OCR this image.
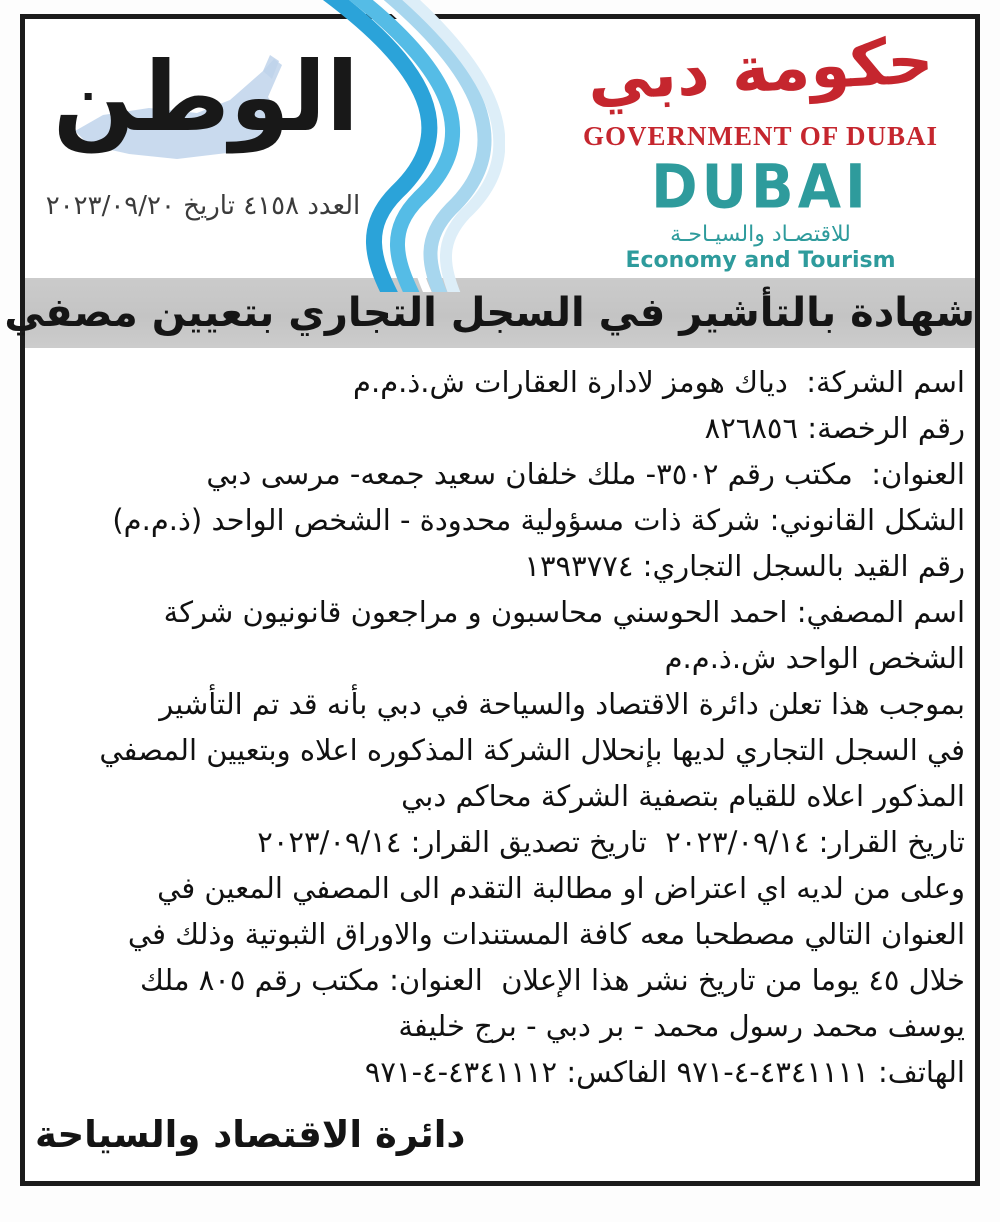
الوطن
العدد ٤١٥٨ تاريخ ٢٠٢٣/٠٩/٢٠
حكومة دبي
GOVERNMENT OF DUBAI
DUBAI
للاقتصـاد والسيـاحـة
Economy and Tourism
شهادة بالتأشير في السجل التجاري بتعيين مصفي
اسم الشركة:  دياك هومز لادارة العقارات ش.ذ.م.م
رقم الرخصة: ٨٢٦٨٥٦
العنوان:  مكتب رقم ٣٥٠٢- ملك خلفان سعيد جمعه- مرسى دبي
الشكل القانوني: شركة ذات مسؤولية محدودة - الشخص الواحد (ذ.م.م)
رقم القيد بالسجل التجاري: ١٣٩٣٧٧٤
اسم المصفي: احمد الحوسني محاسبون و مراجعون قانونيون شركة
الشخص الواحد ش.ذ.م.م
بموجب هذا تعلن دائرة الاقتصاد والسياحة في دبي بأنه قد تم التأشير
في السجل التجاري لديها بإنحلال الشركة المذكوره اعلاه وبتعيين المصفي
المذكور اعلاه للقيام بتصفية الشركة محاكم دبي
تاريخ القرار: ٢٠٢٣/٠٩/١٤  تاريخ تصديق القرار: ٢٠٢٣/٠٩/١٤
وعلى من لديه اي اعتراض او مطالبة التقدم الى المصفي المعين في
العنوان التالي مصطحبا معه كافة المستندات والاوراق الثبوتية وذلك في
خلال ٤٥ يوما من تاريخ نشر هذا الإعلان  العنوان: مكتب رقم ٨٠٥ ملك
يوسف محمد رسول محمد - بر دبي - برج خليفة
الهاتف: ٤٣٤١١١١-٤-٩٧١ الفاكس: ٤٣٤١١١٢-٤-٩٧١
دائرة الاقتصاد والسياحة
